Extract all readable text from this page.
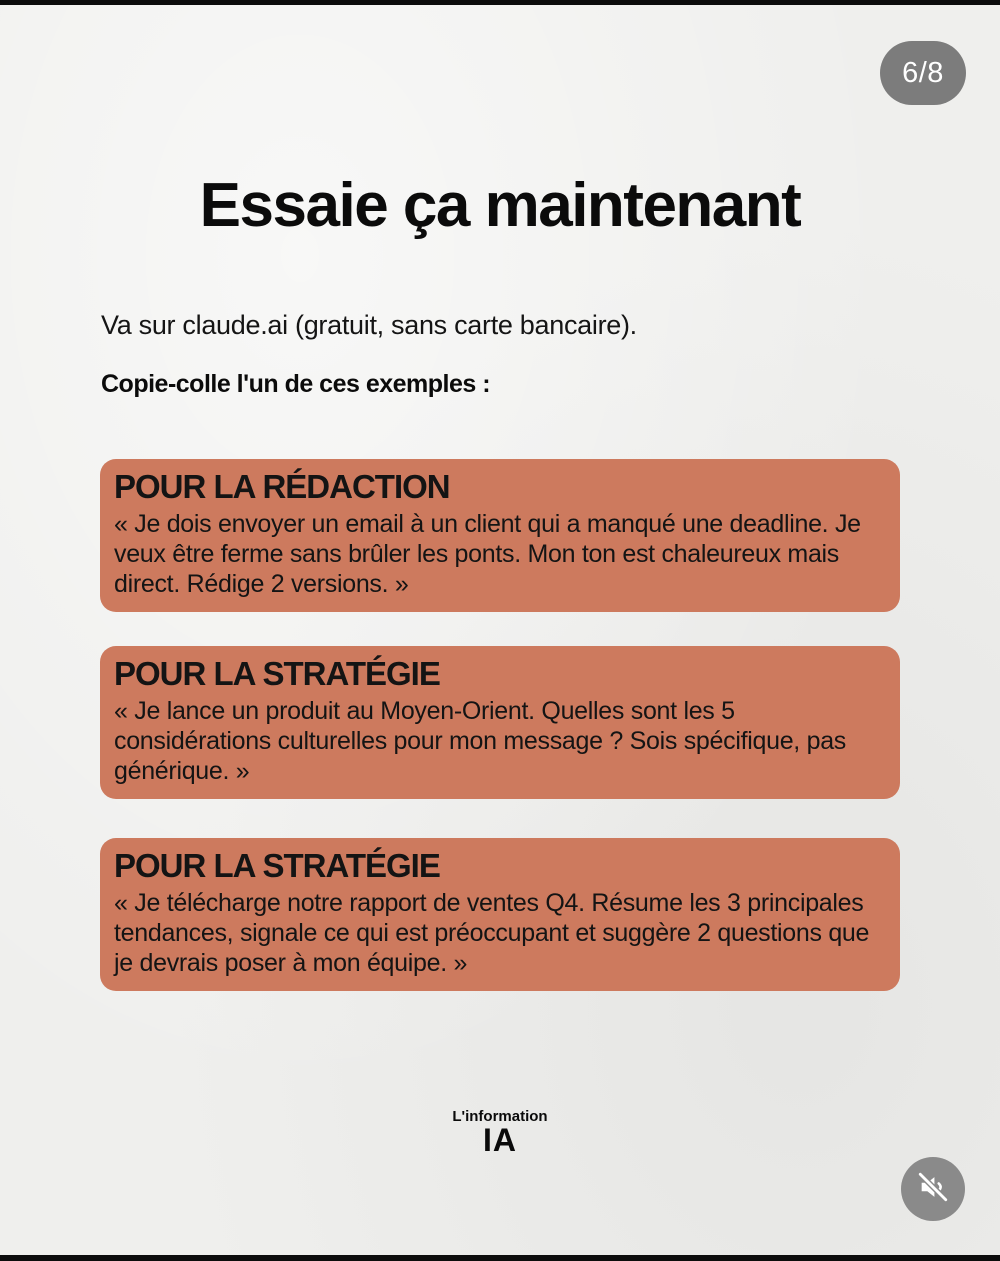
6/8
Essaie ça maintenant

Va sur claude.ai (gratuit, sans carte bancaire).

Copie-colle l'un de ces exemples :

POUR LA RÉDACTION

« Je dois envoyer un email à un client qui a manqué une deadline. Je veux être ferme sans brûler les ponts. Mon ton est chaleureux mais direct. Rédige 2 versions. »

POUR LA STRATÉGIE

« Je lance un produit au Moyen-Orient. Quelles sont les 5 considérations culturelles pour mon message ? Sois spécifique, pas générique. »

POUR LA STRATÉGIE

« Je télécharge notre rapport de ventes Q4. Résume les 3 principales tendances, signale ce qui est préoccupant et suggère 2 questions que je devrais poser à mon équipe. »

L'information
IA
